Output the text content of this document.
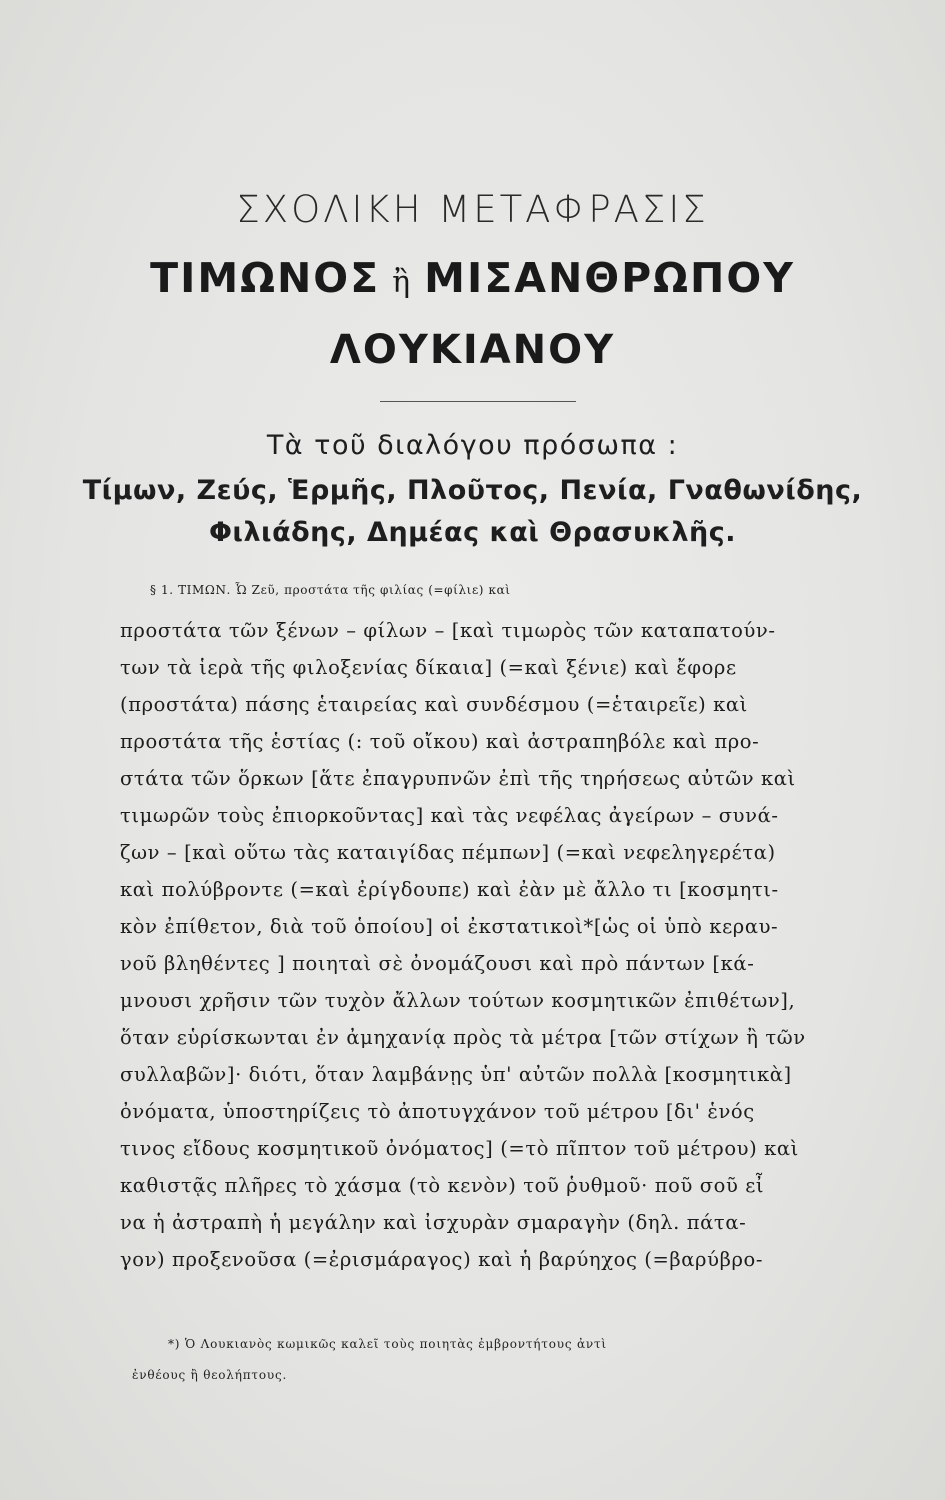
ΣΧΟΛΙΚΗ ΜΕΤΑΦΡΑΣΙΣ
ΤΙΜΩΝΟΣ ἢ ΜΙΣΑΝΘΡΩΠΟΥ
ΛΟΥΚΙΑΝΟΥ
Τὰ τοῦ διαλόγου πρόσωπα :
Τίμων, Ζεύς, Ἑρμῆς, Πλοῦτος, Πενία, Γναθωνίδης,
Φιλιάδης, Δημέας καὶ Θρασυκλῆς.
§ 1. ΤΙΜΩΝ. Ὦ Ζεῦ, προστάτα τῆς φιλίας (=φίλιε) καὶ
προστάτα τῶν ξένων – φίλων – [καὶ τιμωρὸς τῶν καταπατούν-
των τὰ ἱερὰ τῆς φιλοξενίας δίκαια] (=καὶ ξένιε) καὶ ἔφορε
(προστάτα) πάσης ἑταιρείας καὶ συνδέσμου (=ἑταιρεῖε) καὶ
προστάτα τῆς ἑστίας (: τοῦ οἴκου) καὶ ἀστραπηβόλε καὶ προ-
στάτα τῶν ὅρκων [ἅτε ἐπαγρυπνῶν ἐπὶ τῆς τηρήσεως αὐτῶν καὶ
τιμωρῶν τοὺς ἐπιορκοῦντας] καὶ τὰς νεφέλας ἀγείρων – συνά-
ζων – [καὶ οὕτω τὰς καταιγίδας πέμπων] (=καὶ νεφεληγερέτα)
καὶ πολύβροντε (=καὶ ἐρίγδουπε) καὶ ἐὰν μὲ ἄλλο τι [κοσμητι-
κὸν ἐπίθετον, διὰ τοῦ ὁποίου] οἱ ἐκστατικοὶ*[ὡς οἱ ὑπὸ κεραυ-
νοῦ βληθέντες ] ποιηταὶ σὲ ὀνομάζουσι καὶ πρὸ πάντων [κά-
μνουσι χρῆσιν τῶν τυχὸν ἄλλων τούτων κοσμητικῶν ἐπιθέτων],
ὅταν εὑρίσκωνται ἐν ἀμηχανίᾳ πρὸς τὰ μέτρα [τῶν στίχων ἢ τῶν
συλλαβῶν]· διότι, ὅταν λαμβάνῃς ὑπ' αὐτῶν πολλὰ [κοσμητικὰ]
ὀνόματα, ὑποστηρίζεις τὸ ἀποτυγχάνον τοῦ μέτρου [δι' ἑνός
τινος εἴδους κοσμητικοῦ ὀνόματος] (=τὸ πῖπτον τοῦ μέτρου) καὶ
καθιστᾷς πλῆρες τὸ χάσμα (τὸ κενὸν) τοῦ ῥυθμοῦ· ποῦ σοῦ εἶ
να ἡ ἀστραπὴ ἡ μεγάλην καὶ ἰσχυρὰν σμαραγὴν (δηλ. πάτα-
γον) προξενοῦσα (=ἐρισμάραγος) καὶ ἡ βαρύηχος (=βαρύβρο-
*) Ὁ Λουκιανὸς κωμικῶς καλεῖ τοὺς ποιητὰς ἐμβροντήτους ἀντὶ
ἐνθέους ἢ θεολήπτους.
